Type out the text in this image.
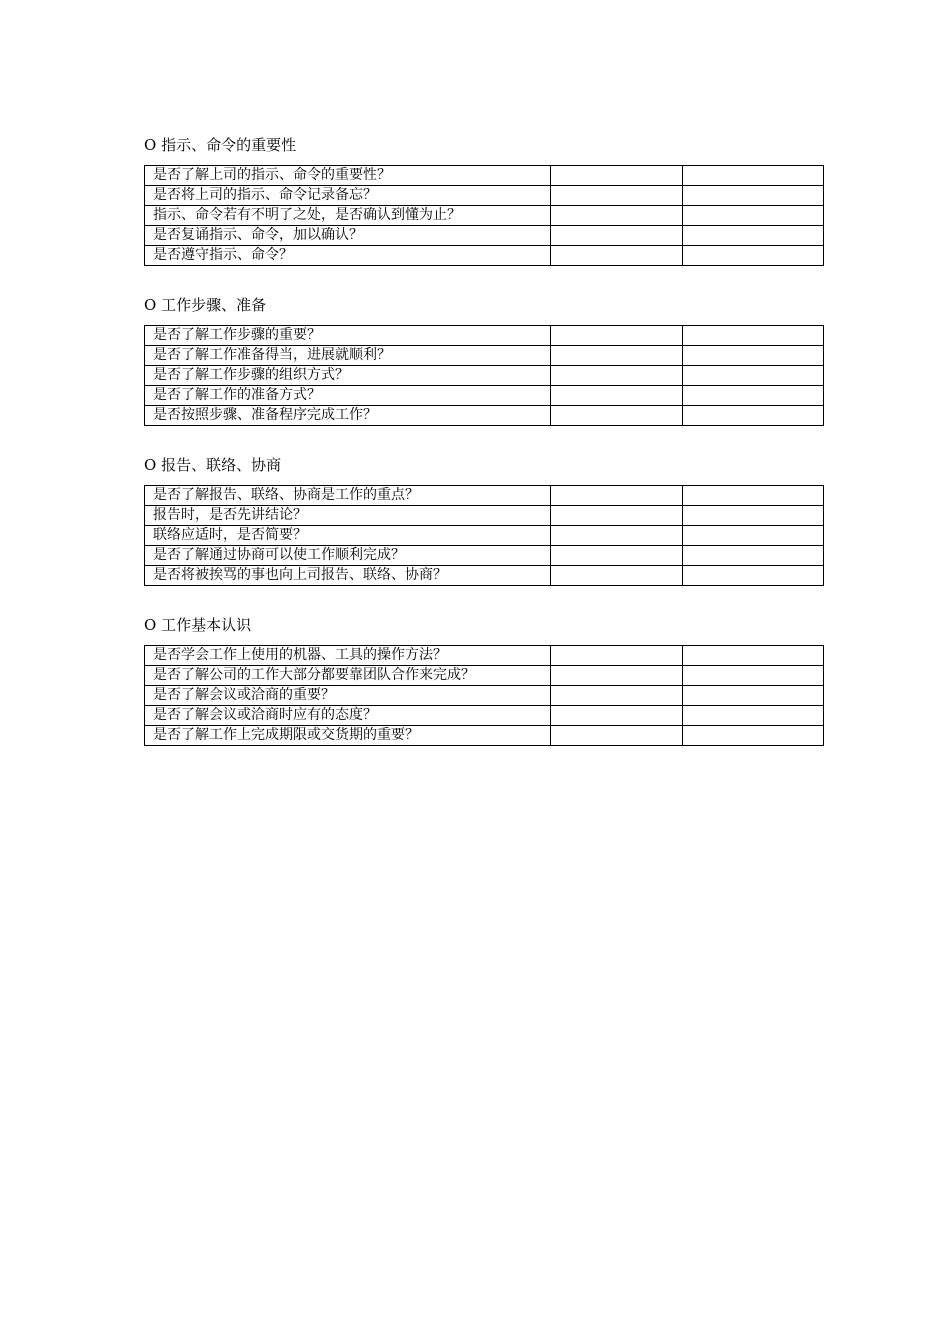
O 指示、命令的重要性
是否了解上司的指示、命令的重要性？		
是否将上司的指示、命令记录备忘？		
指示、命令若有不明了之处，是否确认到懂为止？		
是否复诵指示、命令，加以确认？		
是否遵守指示、命令？		
O 工作步骤、准备
是否了解工作步骤的重要？		
是否了解工作准备得当，进展就顺利？		
是否了解工作步骤的组织方式？		
是否了解工作的准备方式？		
是否按照步骤、准备程序完成工作？		
O 报告、联络、协商
是否了解报告、联络、协商是工作的重点？		
报告时，是否先讲结论？		
联络应适时，是否简要？		
是否了解通过协商可以使工作顺利完成？		
是否将被挨骂的事也向上司报告、联络、协商？		
O 工作基本认识
是否学会工作上使用的机器、工具的操作方法？		
是否了解公司的工作大部分都要靠团队合作来完成？		
是否了解会议或洽商的重要？		
是否了解会议或洽商时应有的态度？		
是否了解工作上完成期限或交货期的重要？		
